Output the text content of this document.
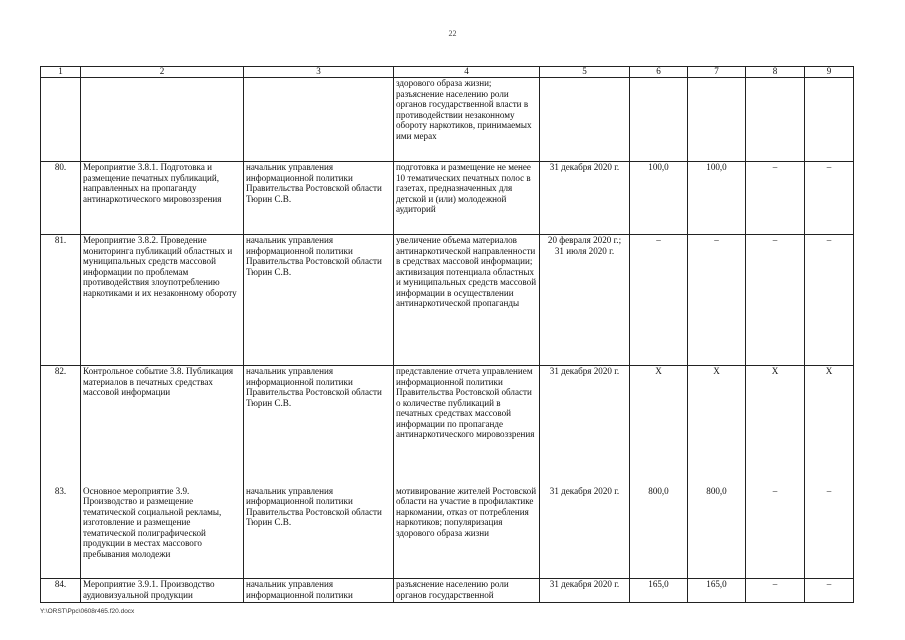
22
1	2	3	4	5	6	7	8	9
			здорового образа жизни;
разъяснение населению роли органов государственной власти в противодействии незаконному обороту наркотиков, принимаемых ими мерах					
80.	Мероприятие 3.8.1. Подготовка и размещение печатных публикаций, направленных на пропаганду антинаркотического мировоззрения	начальник управления информационной политики Правительства Ростовской области Тюрин С.В.	подготовка и размещение не менее 10 тематических печатных полос в газетах, предназначенных для детской и (или) молодежной аудиторий	31 декабря 2020 г.	100,0	100,0	–	–
81.	Мероприятие 3.8.2. Проведение мониторинга публикаций областных и муниципальных средств массовой информации по проблемам противодействия злоупотреблению наркотиками и их незаконному обороту	начальник управления информационной политики Правительства Ростовской области Тюрин С.В.	увеличение объема материалов антинаркотической направленности в средствах массовой информации;
активизация потенциала областных и муниципальных средств массовой информации в осуществлении антинаркотической пропаганды	20 февраля 2020 г.;
31 июля 2020 г.	–	–	–	–
82.	Контрольное событие 3.8. Публикация материалов в печатных средствах массовой информации	начальник управления информационной политики Правительства Ростовской области Тюрин С.В.	представление отчета управлением информационной политики Правительства Ростовской области о количестве публикаций в печатных средствах массовой информации по пропаганде антинаркотического мировоззрения	31 декабря 2020 г.	X	X	X	X
83.	Основное мероприятие 3.9. Производство и размещение тематической социальной рекламы, изготовление и размещение тематической полиграфической продукции в местах массового пребывания молодежи	начальник управления информационной политики Правительства Ростовской области Тюрин С.В.	мотивирование жителей Ростовской области на участие в профилактике наркомании, отказ от потребления наркотиков; популяризация здорового образа жизни	31 декабря 2020 г.	800,0	800,0	–	–
84.	Мероприятие 3.9.1. Производство аудиовизуальной продукции	начальник управления информационной политики	разъяснение населению роли органов государственной	31 декабря 2020 г.	165,0	165,0	–	–
Y:\ORST\Ppc\0608r465.f20.docx
